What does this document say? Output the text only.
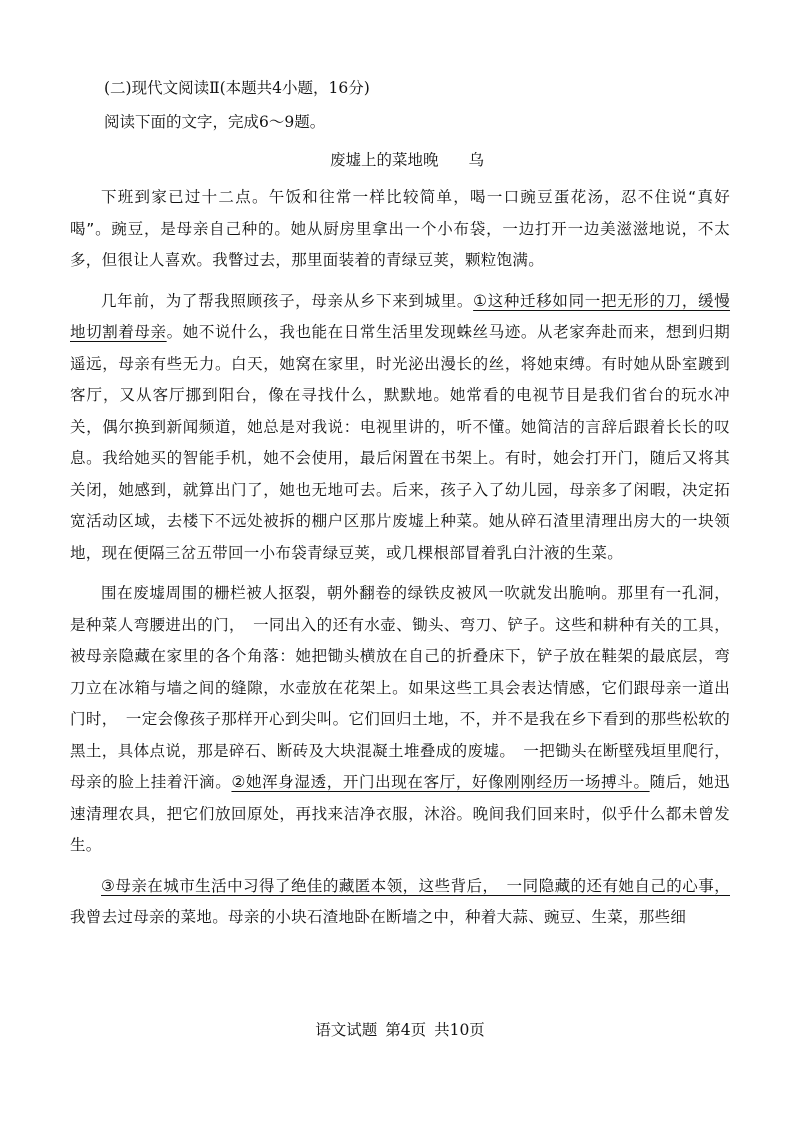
(二)现代文阅读Ⅱ(本题共4小题，16分)
阅读下面的文字，完成6～9题。
废墟上的菜地晚 乌

下班到家已过十二点。午饭和往常一样比较简单，喝一口豌豆蛋花汤，忍不住说“真好喝”。豌豆，是母亲自己种的。她从厨房里拿出一个小布袋，一边打开一边美滋滋地说，不太多，但很让人喜欢。我瞥过去，那里面装着的青绿豆荚，颗粒饱满。

几年前，为了帮我照顾孩子，母亲从乡下来到城里。①这种迁移如同一把无形的刀，缓慢地切割着母亲。她不说什么，我也能在日常生活里发现蛛丝马迹。从老家奔赴而来，想到归期遥远，母亲有些无力。白天，她窝在家里，时光泌出漫长的丝，将她束缚。有时她从卧室踱到客厅，又从客厅挪到阳台，像在寻找什么，默默地。她常看的电视节目是我们省台的玩水冲关，偶尔换到新闻频道，她总是对我说：电视里讲的，听不懂。她简洁的言辞后跟着长长的叹息。我给她买的智能手机，她不会使用，最后闲置在书架上。有时，她会打开门，随后又将其关闭，她感到，就算出门了，她也无地可去。后来，孩子入了幼儿园，母亲多了闲暇，决定拓宽活动区域，去楼下不远处被拆的棚户区那片废墟上种菜。她从碎石渣里清理出房大的一块领地，现在便隔三岔五带回一小布袋青绿豆荚，或几棵根部冒着乳白汁液的生菜。

围在废墟周围的栅栏被人抠裂，朝外翻卷的绿铁皮被风一吹就发出脆响。那里有一孔洞，是种菜人弯腰进出的门，　一同出入的还有水壶、锄头、弯刀、铲子。这些和耕种有关的工具，被母亲隐藏在家里的各个角落：她把锄头横放在自己的折叠床下，铲子放在鞋架的最底层，弯刀立在冰箱与墙之间的缝隙，水壶放在花架上。如果这些工具会表达情感，它们跟母亲一道出门时，　一定会像孩子那样开心到尖叫。它们回归土地，不，并不是我在乡下看到的那些松软的黑土，具体点说，那是碎石、断砖及大块混凝土堆叠成的废墟。　一把锄头在断壁残垣里爬行，母亲的脸上挂着汗滴。②她浑身湿透，开门出现在客厅，好像刚刚经历一场搏斗。随后，她迅速清理农具，把它们放回原处，再找来洁净衣服，沐浴。晚间我们回来时，似乎什么都未曾发生。

③母亲在城市生活中习得了绝佳的藏匿本领，这些背后，　一同隐藏的还有她自己的心事，我曾去过母亲的菜地。母亲的小块石渣地卧在断墙之中，种着大蒜、豌豆、生菜，那些细

语文试题 第4页 共10页
